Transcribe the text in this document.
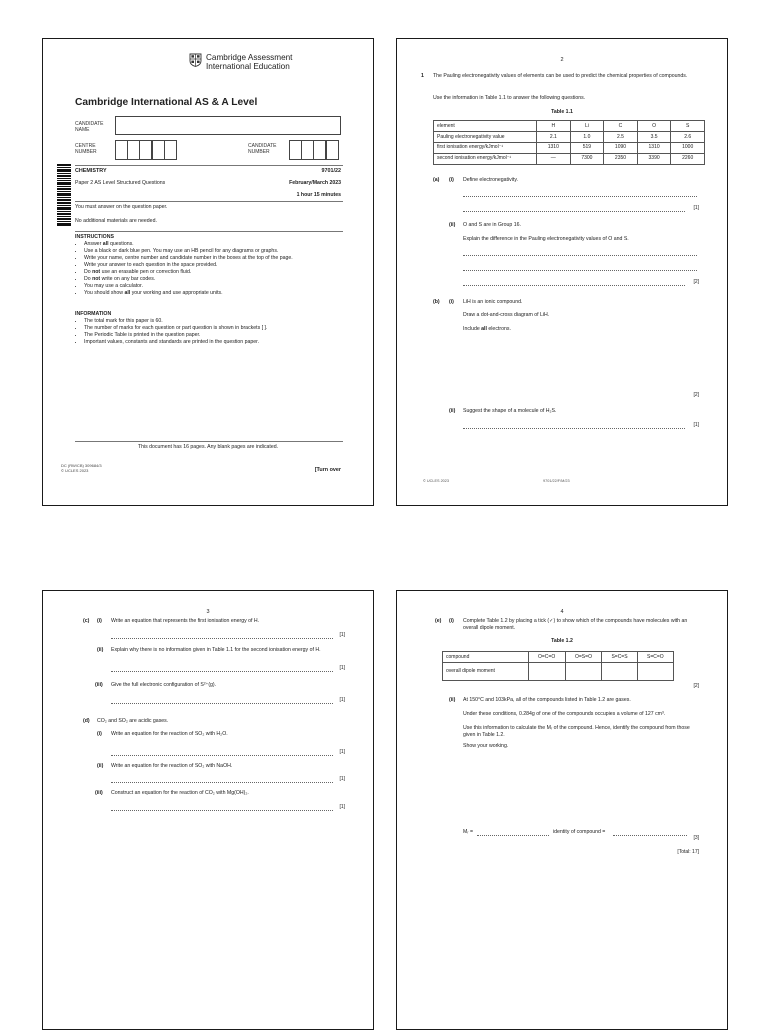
Cambridge Assessment
International Education
Cambridge International AS & A Level
CANDIDATE
NAME
CENTRE
NUMBER
CANDIDATE
NUMBER
CHEMISTRY	9701/22
Paper 2 AS Level Structured Questions	February/March 2023
1 hour 15 minutes
You must answer on the question paper.
No additional materials are needed.
INSTRUCTIONS
• Answer all questions.
• Use a black or dark blue pen. You may use an HB pencil for any diagrams or graphs.
• Write your name, centre number and candidate number in the boxes at the top of the page.
• Write your answer to each question in the space provided.
• Do not use an erasable pen or correction fluid.
• Do not write on any bar codes.
• You may use a calculator.
• You should show all your working and use appropriate units.
INFORMATION
• The total mark for this paper is 60.
• The number of marks for each question or part question is shown in brackets [ ].
• The Periodic Table is printed in the question paper.
• Important values, constants and standards are printed in the question paper.
This document has 16 pages. Any blank pages are indicated.
DC (RW/CB) 309684/3
© UCLES 2023	[Turn over
2
1 The Pauling electronegativity values of elements can be used to predict the chemical properties of compounds.
Use the information in Table 1.1 to answer the following questions.
Table 1.1
element	H	Li	C	O	S
Pauling electronegativity value	2.1	1.0	2.5	3.5	2.6
first ionisation energy/kJmol⁻¹	1310	519	1090	1310	1000
second ionisation energy/kJmol⁻¹	—	7300	2350	3390	2260
(a) (i) Define electronegativity.
[1]
(ii) O and S are in Group 16.
Explain the difference in the Pauling electronegativity values of O and S.
[2]
(b) (i) LiH is an ionic compound.
Draw a dot-and-cross diagram of LiH.
Include all electrons.
[2]
(ii) Suggest the shape of a molecule of H₂S.
[1]
© UCLES 2023	9701/22/F/M/23
3
(c) (i) Write an equation that represents the first ionisation energy of H.
[1]
(ii) Explain why there is no information given in Table 1.1 for the second ionisation energy of H.
[1]
(iii) Give the full electronic configuration of S²⁺(g).
[1]
(d) CO₂ and SO₂ are acidic gases.
(i) Write an equation for the reaction of SO₂ with H₂O.
[1]
(ii) Write an equation for the reaction of SO₂ with NaOH.
[1]
(iii) Construct an equation for the reaction of CO₂ with Mg(OH)₂.
[1]
4
(e) (i) Complete Table 1.2 by placing a tick (✓) to show which of the compounds have molecules with an overall dipole moment.
Table 1.2
compound	O=C=O	O=S=O	S=C=S	S=C=O
overall dipole moment				
[2]
(ii) At 150°C and 103kPa, all of the compounds listed in Table 1.2 are gases.
Under these conditions, 0.284g of one of the compounds occupies a volume of 127 cm³.
Use this information to calculate the Mᵣ of the compound. Hence, identify the compound from those given in Table 1.2.
Show your working.
Mᵣ =	identity of compound =
[3]
[Total: 17]
